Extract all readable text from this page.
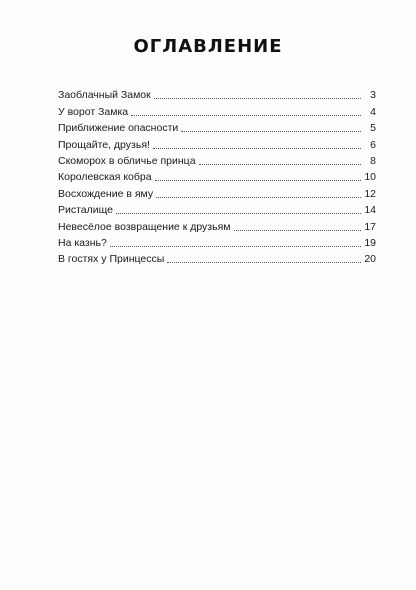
ОГЛАВЛЕНИЕ
Заоблачный Замок	3
У ворот Замка	4
Приближение опасности	5
Прощайте, друзья!	6
Скоморох в обличье принца	8
Королевская кобра	10
Восхождение в яму	12
Ристалище	14
Невесёлое возвращение к друзьям	17
На казнь?	19
В гостях у Принцессы	20
